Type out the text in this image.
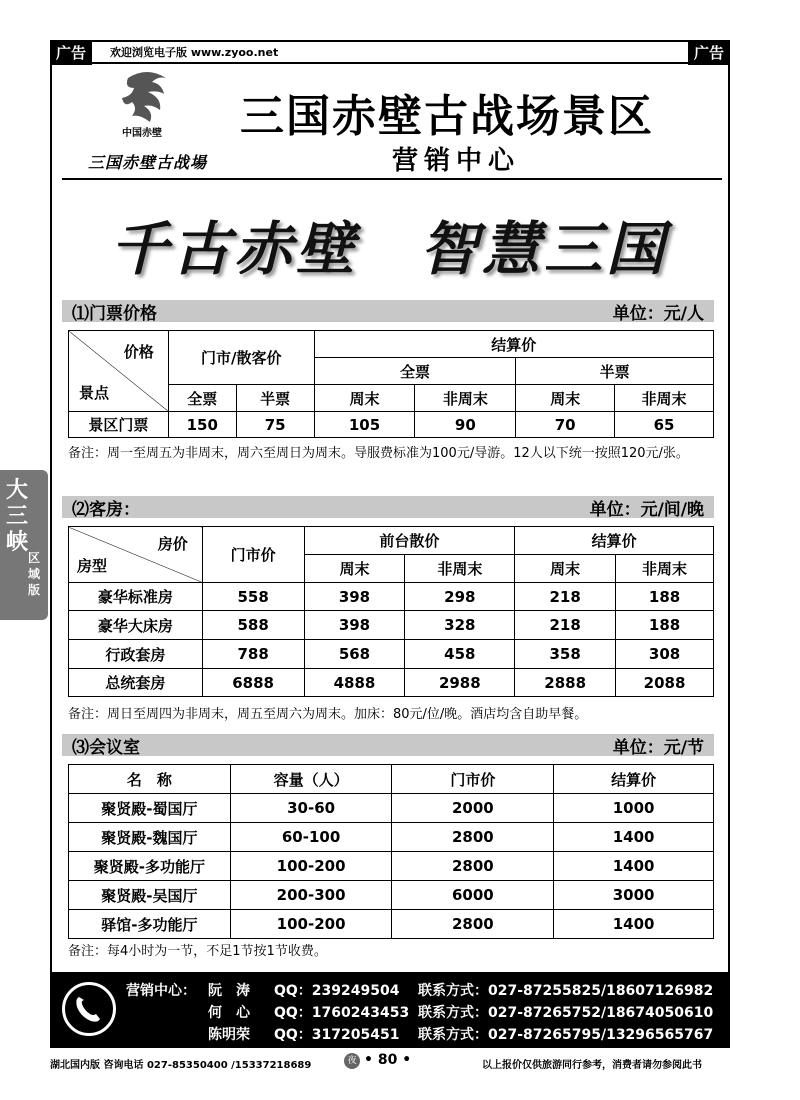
广告	欢迎浏览电子版 www.zyoo.net	广告
中国赤壁
三国赤壁古战場
三国赤壁古战场景区
营销中心
千古赤壁　智慧三国
大三峡
区域版
⑴门票价格	单位：元/人
价格
景点	门市/散客价		结算价			
			全票		半票	
	全票	半票	周末	非周末	周末	非周末
景区门票	150	75	105	90	70	65
备注：周一至周五为非周末，周六至周日为周末。导服费标准为100元/导游。12人以下统一按照120元/张。
⑵客房：	单位：元/间/晚
房价
房型	门市价	前台散价		结算价	
		周末	非周末	周末	非周末
豪华标准房	558	398	298	218	188
豪华大床房	588	398	328	218	188
行政套房	788	568	458	358	308
总统套房	6888	4888	2988	2888	2088
备注：周日至周四为非周末，周五至周六为周末。加床：80元/位/晚。酒店均含自助早餐。
⑶会议室	单位：元/节
名　称	容量（人）	门市价	结算价
聚贤殿-蜀国厅	30-60	2000	1000
聚贤殿-魏国厅	60-100	2800	1400
聚贤殿-多功能厅	100-200	2800	1400
聚贤殿-吴国厅	200-300	6000	3000
驿馆-多功能厅	100-200	2800	1400
备注：每4小时为一节，不足1节按1节收费。
营销中心： 阮　涛 QQ：239249504 联系方式：027-87255825/18607126982
何　心 QQ：1760243453 联系方式：027-87265752/18674050610
陈明荣 QQ：317205451 联系方式：027-87265795/13296565767
湖北国内版 咨询电话 027-85350400 /15337218689	夜 • 80 •	以上报价仅供旅游同行参考，消费者请勿参阅此书
